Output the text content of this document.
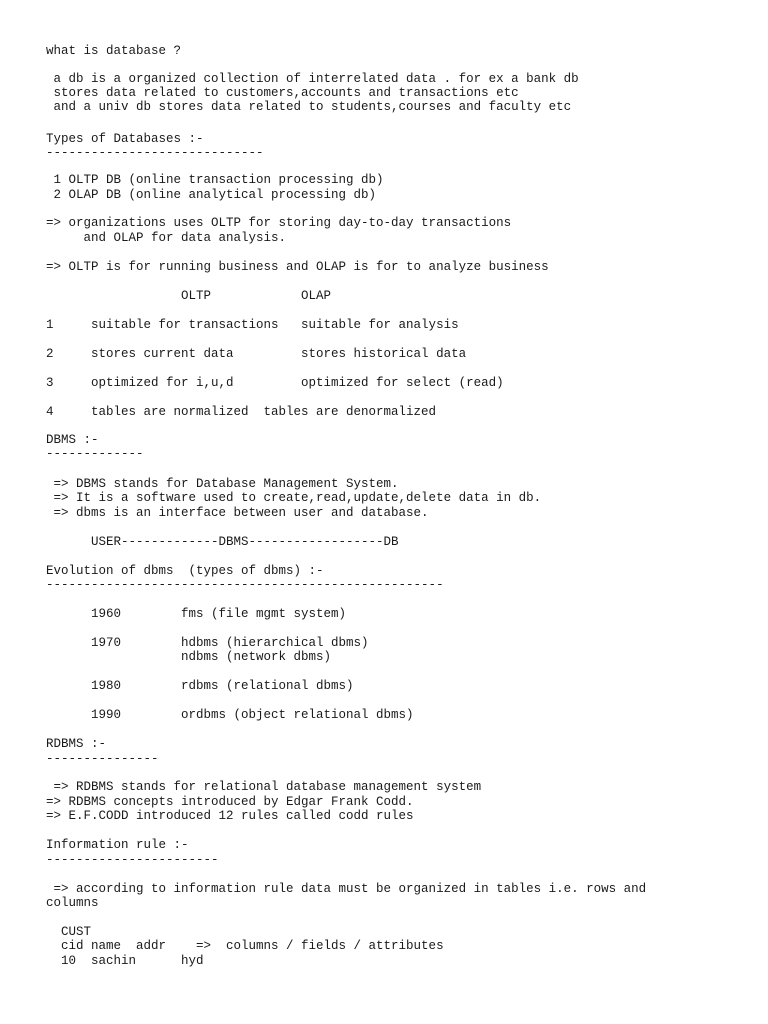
what is database ?
a db is a organized collection of interrelated data . for ex a bank db
stores data related to customers,accounts and transactions etc
and a univ db stores data related to students,courses and faculty etc
Types of Databases :-
-----------------------------
1 OLTP DB (online transaction processing db)
2 OLAP DB (online analytical processing db)
=> organizations uses OLTP for storing day-to-day transactions
and OLAP for data analysis.
=> OLTP is for running business and OLAP is for to analyze business
OLTP            OLAP
1     suitable for transactions   suitable for analysis
2     stores current data         stores historical data
3     optimized for i,u,d         optimized for select (read)
4     tables are normalized  tables are denormalized
DBMS :-
-------------
=> DBMS stands for Database Management System.
=> It is a software used to create,read,update,delete data in db.
=> dbms is an interface between user and database.
USER-------------DBMS------------------DB
Evolution of dbms  (types of dbms) :-
-----------------------------------------------------
1960        fms (file mgmt system)
1970        hdbms (hierarchical dbms)
ndbms (network dbms)
1980        rdbms (relational dbms)
1990        ordbms (object relational dbms)
RDBMS :-
---------------
=> RDBMS stands for relational database management system
=> RDBMS concepts introduced by Edgar Frank Codd.
=> E.F.CODD introduced 12 rules called codd rules
Information rule :-
-----------------------
=> according to information rule data must be organized in tables i.e. rows and
columns
CUST
cid name  addr    =>  columns / fields / attributes
10  sachin      hyd
